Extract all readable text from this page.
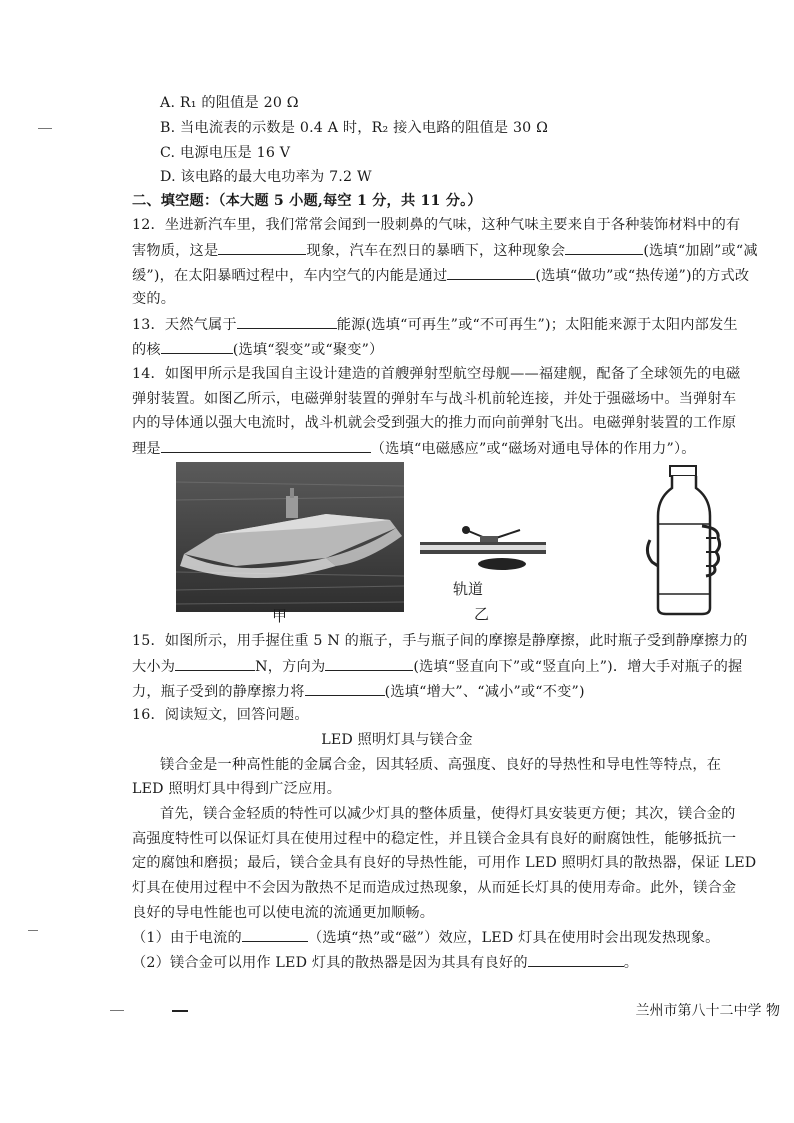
A. R₁ 的阻值是 20 Ω
B. 当电流表的示数是 0.4 A 时，R₂ 接入电路的阻值是 30 Ω
C. 电源电压是 16 V
D. 该电路的最大电功率为 7.2 W
二、填空题：（本大题 5 小题,每空 1 分，共 11 分。）
12．坐进新汽车里，我们常常会闻到一股刺鼻的气味，这种气味主要来自于各种装饰材料中的有
害物质，这是	现象，汽车在烈日的暴晒下，这种现象会	(选填“加剧”或“减
缓”)，在太阳暴晒过程中，车内空气的内能是通过	(选填“做功”或“热传递”)的方式改
变的。
13．天然气属于	能源(选填“可再生”或“不可再生”)；太阳能来源于太阳内部发生
的核	(选填“裂变”或“聚变”）
14．如图甲所示是我国自主设计建造的首艘弹射型航空母舰——福建舰，配备了全球领先的电磁
弹射装置。如图乙所示，电磁弹射装置的弹射车与战斗机前轮连接，并处于强磁场中。当弹射车
内的导体通以强大电流时，战斗机就会受到强大的推力而向前弹射飞出。电磁弹射装置的工作原
理是	（选填“电磁感应”或“磁场对通电导体的作用力”）。
甲
轨道
乙
15．如图所示，用手握住重 5 N 的瓶子，手与瓶子间的摩擦是静摩擦，此时瓶子受到静摩擦力的
大小为	N，方向为	(选填“竖直向下”或“竖直向上”)．增大手对瓶子的握
力，瓶子受到的静摩擦力将	(选填“增大”、“减小”或“不变”)
16．阅读短文，回答问题。
LED 照明灯具与镁合金
镁合金是一种高性能的金属合金，因其轻质、高强度、良好的导热性和导电性等特点，在
LED 照明灯具中得到广泛应用。
首先，镁合金轻质的特性可以减少灯具的整体质量，使得灯具安装更方便；其次，镁合金的
高强度特性可以保证灯具在使用过程中的稳定性，并且镁合金具有良好的耐腐蚀性，能够抵抗一
定的腐蚀和磨损；最后，镁合金具有良好的导热性能，可用作 LED 照明灯具的散热器，保证 LED
灯具在使用过程中不会因为散热不足而造成过热现象，从而延长灯具的使用寿命。此外，镁合金
良好的导电性能也可以使电流的流通更加顺畅。
（1）由于电流的	（选填“热”或“磁”）效应，LED 灯具在使用时会出现发热现象。
（2）镁合金可以用作 LED 灯具的散热器是因为其具有良好的	。
兰州市第八十二中学 物
